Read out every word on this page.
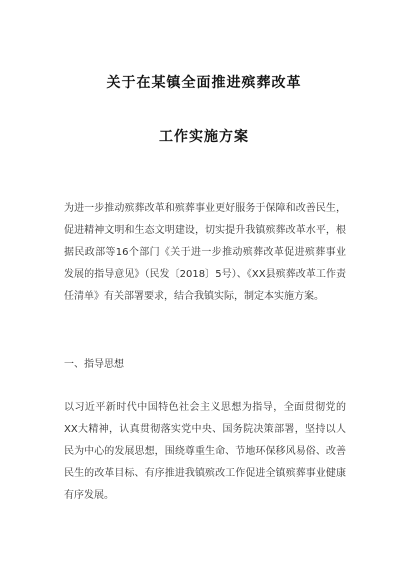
关于在某镇全面推进殡葬改革
工作实施方案

为进一步推动殡葬改革和殡葬事业更好服务于保障和改善民生，促进精神文明和生态文明建设，切实提升我镇殡葬改革水平，根据民政部等16个部门《关于进一步推动殡葬改革促进殡葬事业发展的指导意见》（民发〔2018〕5号）、《XX县殡葬改革工作责任清单》有关部署要求，结合我镇实际，制定本实施方案。

一、指导思想

以习近平新时代中国特色社会主义思想为指导，全面贯彻党的XX大精神，认真贯彻落实党中央、国务院决策部署，坚持以人民为中心的发展思想，围绕尊重生命、节地环保移风易俗、改善民生的改革目标、有序推进我镇殡改工作促进全镇殡葬事业健康有序发展。
